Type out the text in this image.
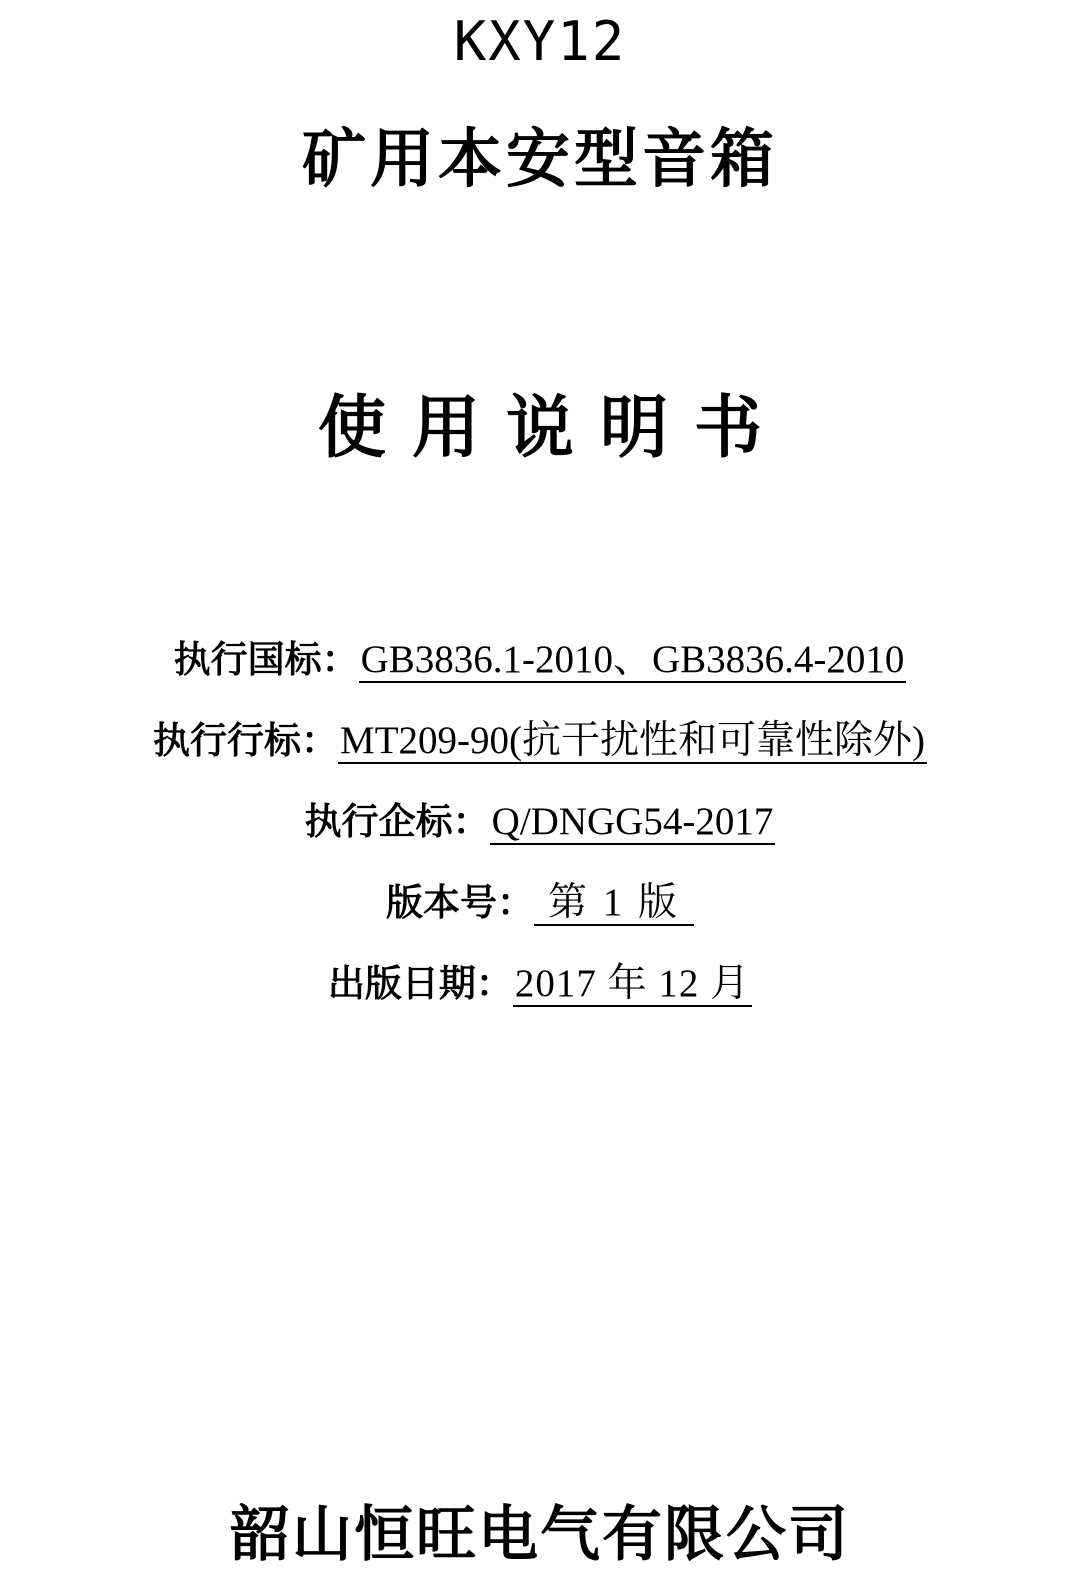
KXY12
矿用本安型音箱
使用说明书
执行国标： GB3836.1-2010、GB3836.4-2010
执行行标： MT209-90(抗干扰性和可靠性除外)
执行企标： Q/DNGG54-2017
版本号： 第 1 版
出版日期： 2017 年 12 月
韶山恒旺电气有限公司
